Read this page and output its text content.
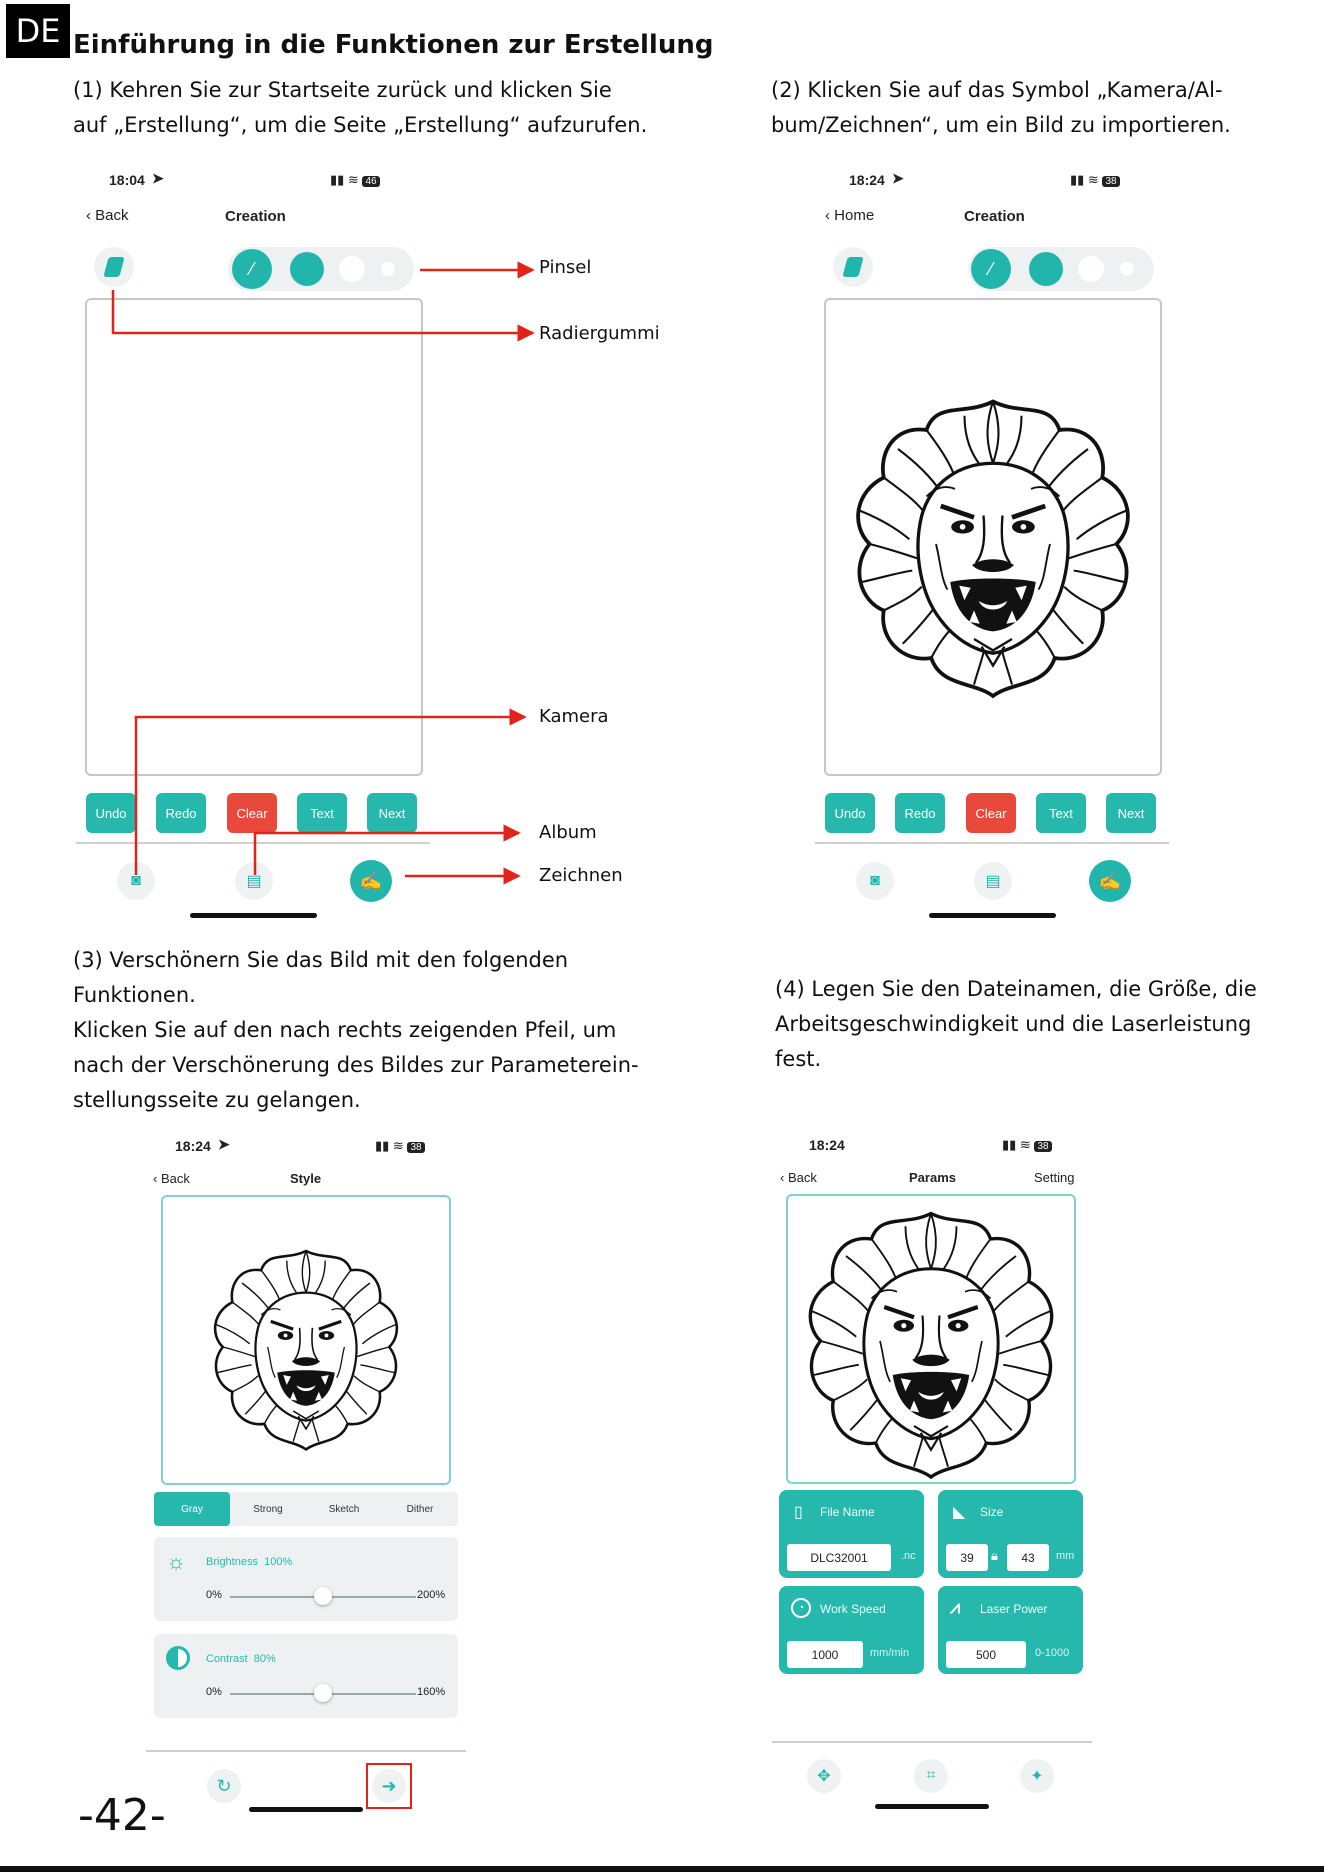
DE Einführung in die Funktionen zur Erstellung
(1) Kehren Sie zur Startseite zurück und klicken Sie
auf „Erstellung“, um die Seite „Erstellung“ aufzurufen.
(2) Klicken Sie auf das Symbol „Kamera/Al-
bum/Zeichnen“, um ein Bild zu importieren.
(3) Verschönern Sie das Bild mit den folgenden
Funktionen.
Klicken Sie auf den nach rechts zeigenden Pfeil, um
nach der Verschönerung des Bildes zur Parameterein-
stellungsseite zu gelangen.
(4) Legen Sie den Dateinamen, die Größe, die
Arbeitsgeschwindigkeit und die Laserleistung
fest.
18:04 ➤	▮▮ ≋ 46
‹ Back	Creation
⁄
Undo	Redo	Clear	Text	Next
◙	▤	✍
Pinsel
Radiergummi
Kamera
Album
Zeichnen
18:24 ➤	▮▮ ≋ 38
‹ Home	Creation
⁄
Undo	Redo	Clear	Text	Next
◙	▤	✍
18:24 ➤	▮▮ ≋ 38
‹ Back	Style
Gray	Strong	Sketch	Dither
☼ Brightness 100%
0%	200%
Contrast 80%
0%	160%
↻	➜
18:24	▮▮ ≋ 38
‹ Back	Params	Setting
▯ File Name
DLC32001	.nc
◣ Size
39	🔒︎	43	mm
◔	Work Speed
1000	mm/min
⩘ Laser Power
500	0-1000
✥	⌗	✦
-42-
